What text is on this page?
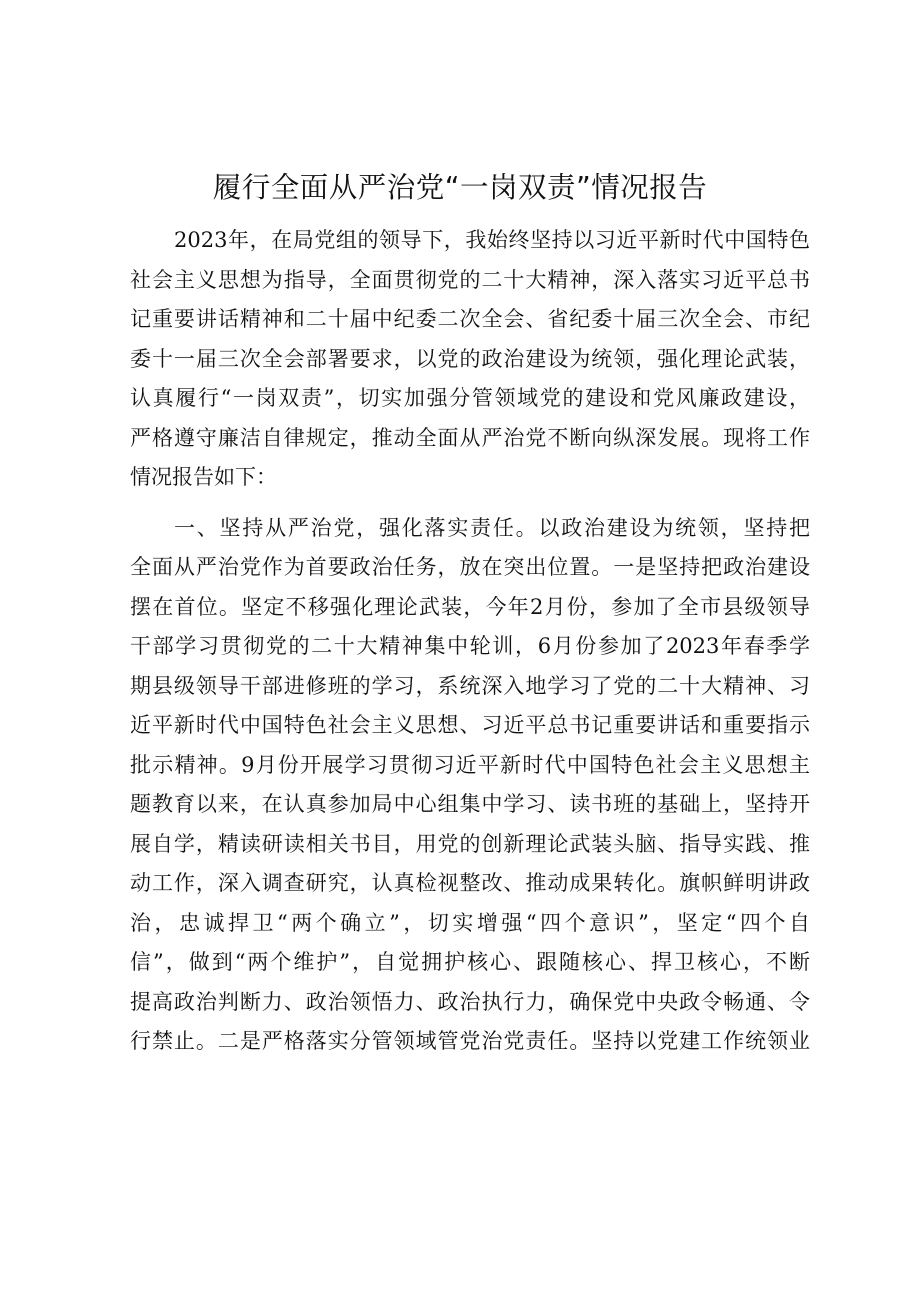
履行全面从严治党“一岗双责”情况报告
2023年，在局党组的领导下，我始终坚持以习近平新时代中国特色
社会主义思想为指导，全面贯彻党的二十大精神，深入落实习近平总书
记重要讲话精神和二十届中纪委二次全会、省纪委十届三次全会、市纪
委十一届三次全会部署要求，以党的政治建设为统领，强化理论武装，
认真履行“一岗双责”，切实加强分管领域党的建设和党风廉政建设，
严格遵守廉洁自律规定，推动全面从严治党不断向纵深发展。现将工作
情况报告如下：
一、坚持从严治党，强化落实责任。以政治建设为统领，坚持把
全面从严治党作为首要政治任务，放在突出位置。一是坚持把政治建设
摆在首位。坚定不移强化理论武装，今年2月份，参加了全市县级领导
干部学习贯彻党的二十大精神集中轮训，6月份参加了2023年春季学
期县级领导干部进修班的学习，系统深入地学习了党的二十大精神、习
近平新时代中国特色社会主义思想、习近平总书记重要讲话和重要指示
批示精神。9月份开展学习贯彻习近平新时代中国特色社会主义思想主
题教育以来，在认真参加局中心组集中学习、读书班的基础上，坚持开
展自学，精读研读相关书目，用党的创新理论武装头脑、指导实践、推
动工作，深入调查研究，认真检视整改、推动成果转化。旗帜鲜明讲政
治，忠诚捍卫“两个确立”，切实增强“四个意识”，坚定“四个自
信”，做到“两个维护”，自觉拥护核心、跟随核心、捍卫核心，不断
提高政治判断力、政治领悟力、政治执行力，确保党中央政令畅通、令
行禁止。二是严格落实分管领域管党治党责任。坚持以党建工作统领业
